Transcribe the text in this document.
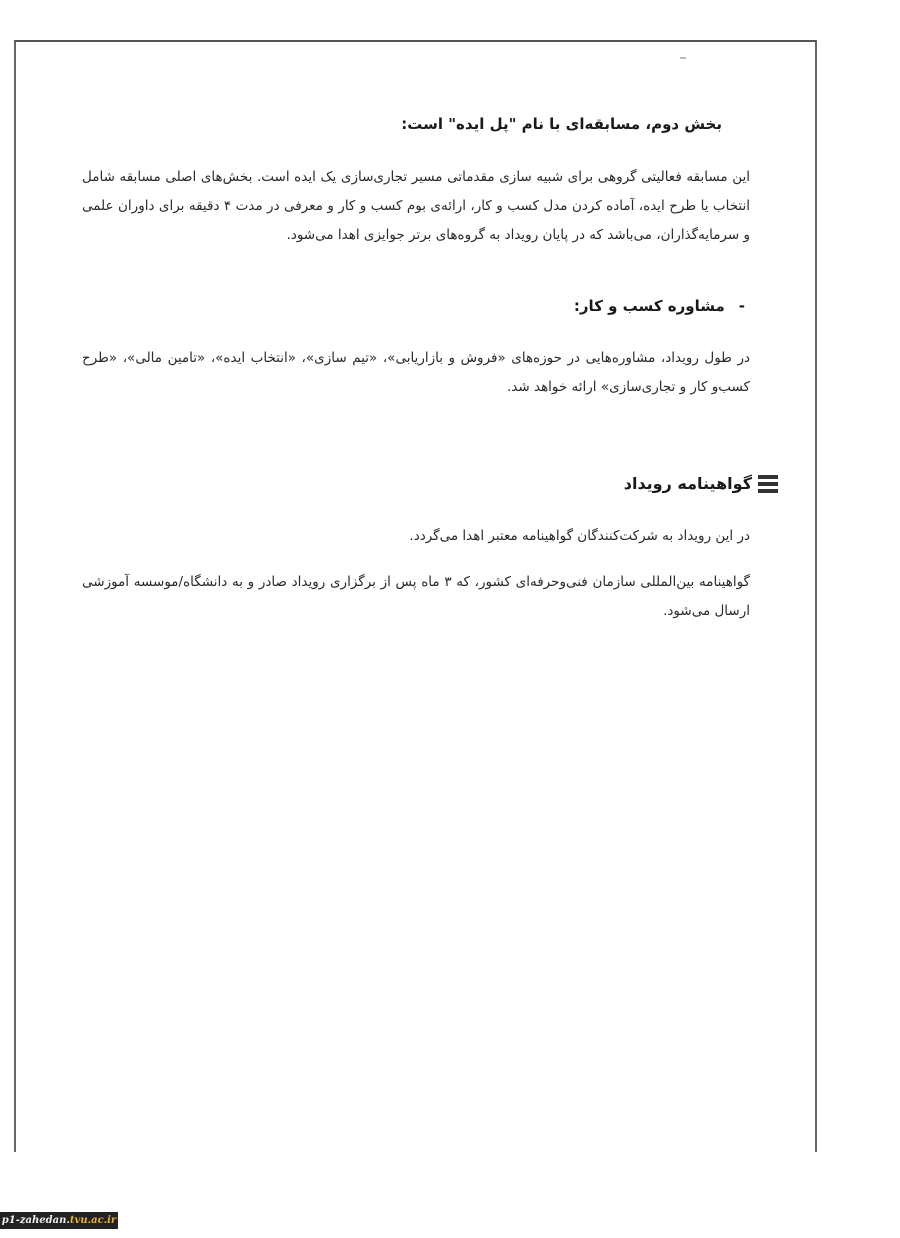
بخش دوم، مسابقه‌ای با نام "پل ایده" است:
این مسابقه فعالیتی گروهی برای شبیه سازی مقدماتی مسیر تجاری‌سازی یک ایده است. بخش‌های اصلی مسابقه شامل انتخاب یا طرح ایده، آماده کردن مدل کسب و کار، ارائه‌ی بوم کسب و کار و معرفی در مدت ۴ دقیقه برای داوران علمی و سرمایه‌گذاران، می‌باشد که در پایان رویداد به گروه‌های برتر جوایزی اهدا می‌شود.
-
مشاوره کسب و کار:
در طول رویداد، مشاوره‌هایی در حوزه‌های «فروش و بازاریابی»، «تیم سازی»، «انتخاب ایده»، «تامین مالی»، «طرح کسب‌و کار و تجاری‌سازی» ارائه خواهد شد.
گواهینامه رویداد
در این رویداد به شرکت‌کنندگان گواهینامه معتبر اهدا می‌گردد.
گواهینامه بین‌المللی سازمان فنی‌وحرفه‌ای کشور، که ۳ ماه پس از برگزاری رویداد صادر و به دانشگاه/موسسه آموزشی ارسال می‌شود.
p1-zahedan. tvu.ac.ir
